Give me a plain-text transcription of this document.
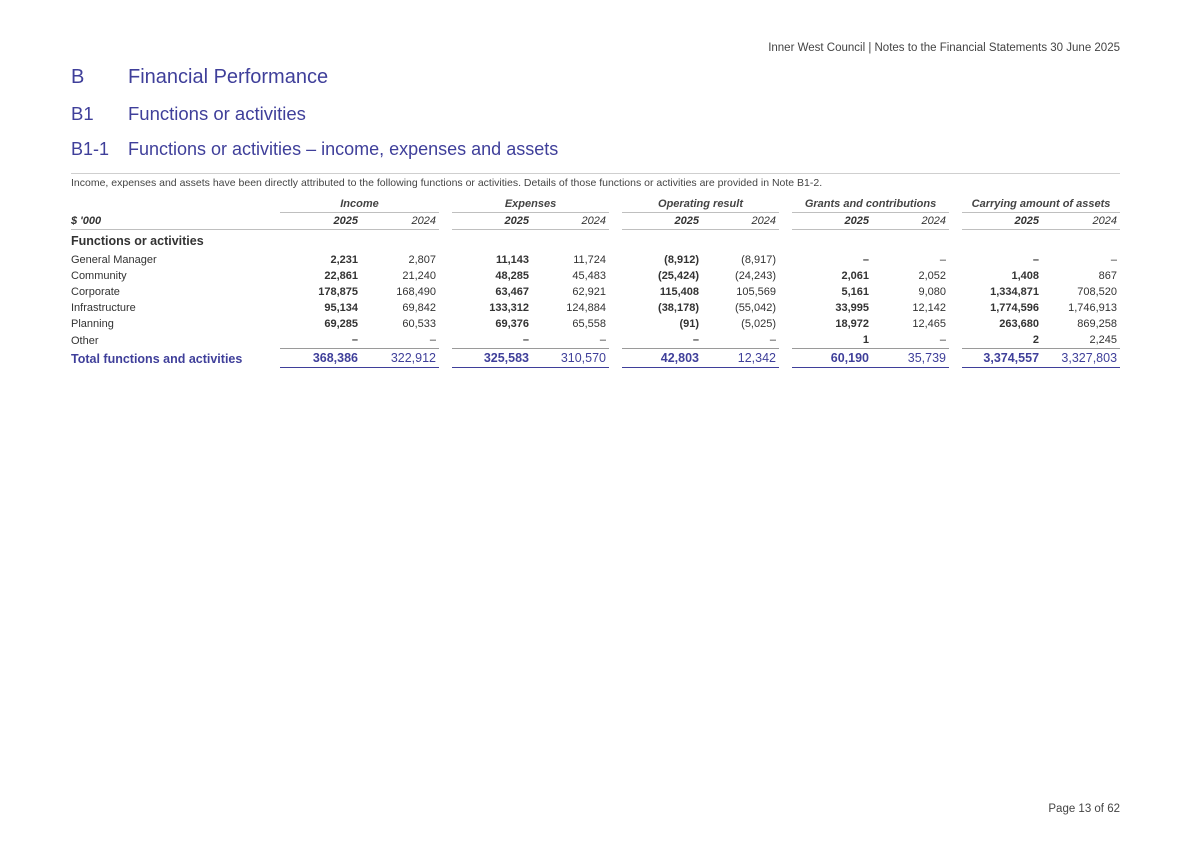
Inner West Council | Notes to the Financial Statements 30 June 2025
B	Financial Performance
B1	Functions or activities
B1-1	Functions or activities – income, expenses and assets
Income, expenses and assets have been directly attributed to the following functions or activities. Details of those functions or activities are provided in Note B1-2.
	Income			Expenses			Operating result			Grants and contributions			Carrying amount of assets	
$ '000	2025	2024		2025	2024		2025	2024		2025	2024		2025	2024
Functions or activities														
General Manager	2,231	2,807		11,143	11,724		(8,912)	(8,917)		–	–		–	–
Community	22,861	21,240		48,285	45,483		(25,424)	(24,243)		2,061	2,052		1,408	867
Corporate	178,875	168,490		63,467	62,921		115,408	105,569		5,161	9,080		1,334,871	708,520
Infrastructure	95,134	69,842		133,312	124,884		(38,178)	(55,042)		33,995	12,142		1,774,596	1,746,913
Planning	69,285	60,533		69,376	65,558		(91)	(5,025)		18,972	12,465		263,680	869,258
Other	–	–		–	–		–	–		1	–		2	2,245
Total functions and activities	368,386	322,912		325,583	310,570		42,803	12,342		60,190	35,739		3,374,557	3,327,803
Page 13 of 62
